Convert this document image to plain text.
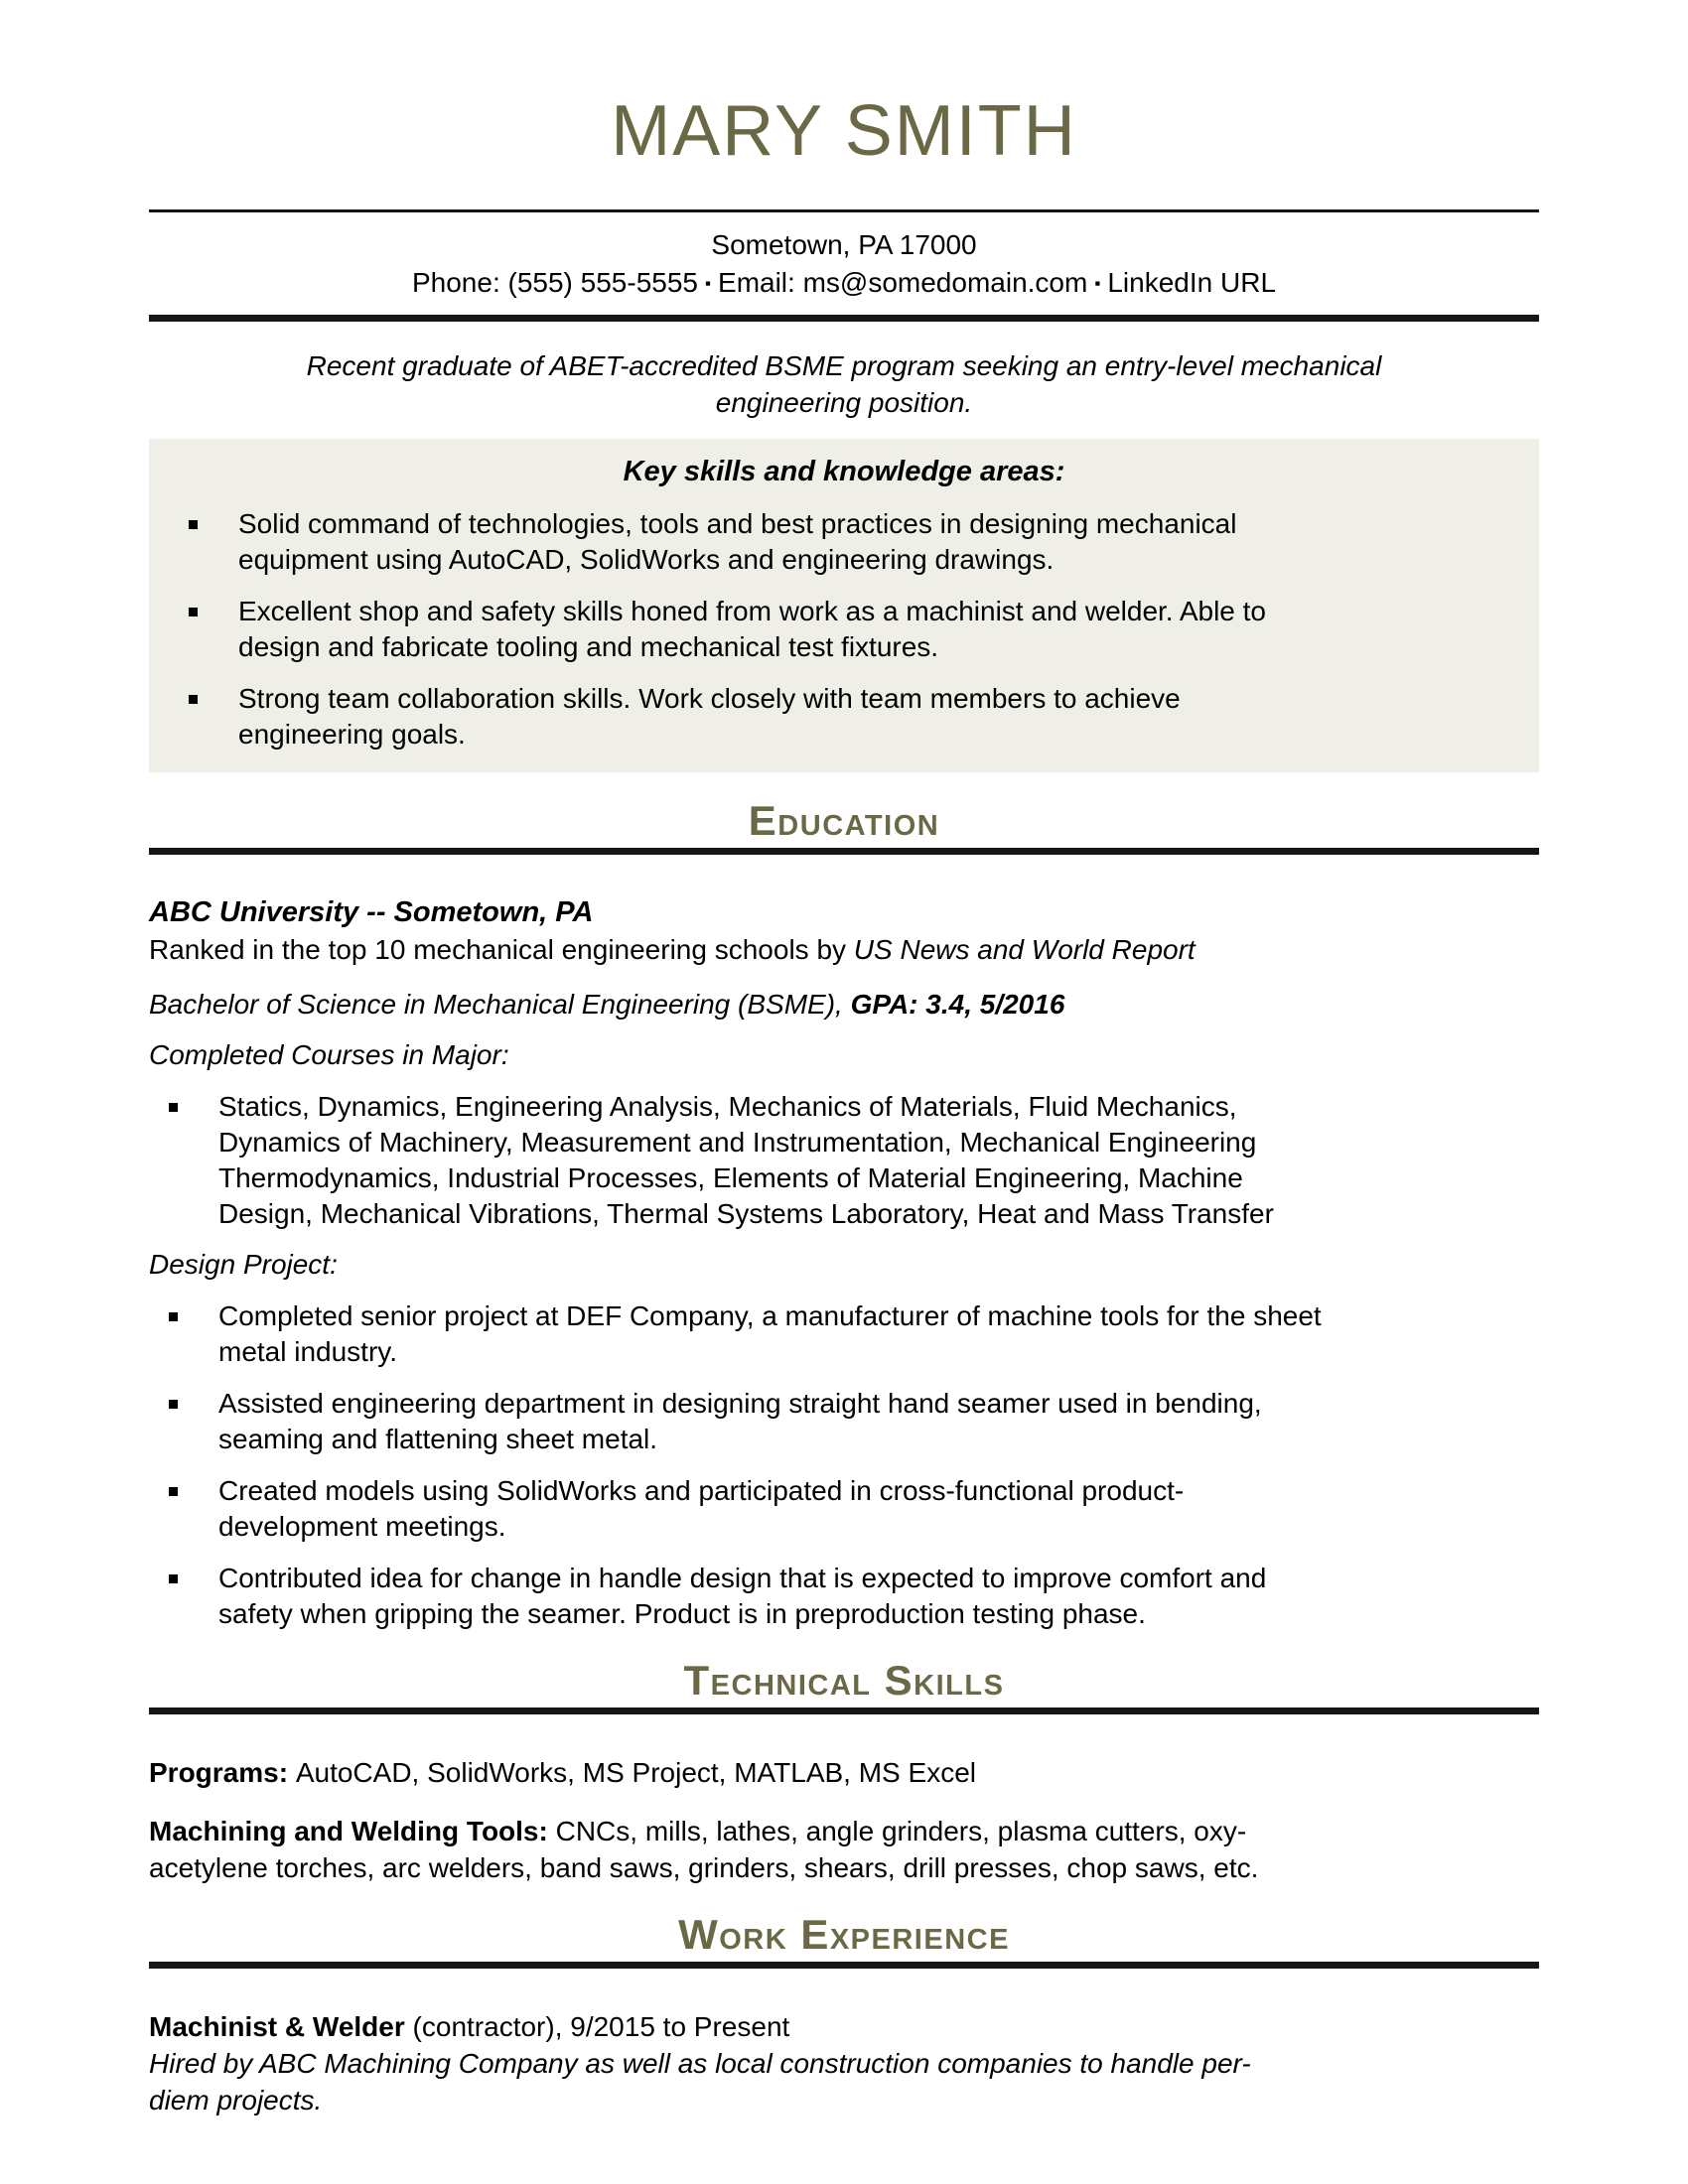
MARY SMITH
Sometown, PA 17000
Phone: (555) 555-5555 ▪ Email: ms@somedomain.com ▪ LinkedIn URL

Recent graduate of ABET-accredited BSME program seeking an entry-level mechanical engineering position.

Key skills and knowledge areas:
Solid command of technologies, tools and best practices in designing mechanical equipment using AutoCAD, SolidWorks and engineering drawings.
Excellent shop and safety skills honed from work as a machinist and welder. Able to design and fabricate tooling and mechanical test fixtures.
Strong team collaboration skills. Work closely with team members to achieve engineering goals.
Education

ABC University -- Sometown, PA

Ranked in the top 10 mechanical engineering schools by US News and World Report

Bachelor of Science in Mechanical Engineering (BSME), GPA: 3.4, 5/2016

Completed Courses in Major:

Statics, Dynamics, Engineering Analysis, Mechanics of Materials, Fluid Mechanics, Dynamics of Machinery, Measurement and Instrumentation, Mechanical Engineering Thermodynamics, Industrial Processes, Elements of Material Engineering, Machine Design, Mechanical Vibrations, Thermal Systems Laboratory, Heat and Mass Transfer

Design Project:

Completed senior project at DEF Company, a manufacturer of machine tools for the sheet metal industry.
Assisted engineering department in designing straight hand seamer used in bending, seaming and flattening sheet metal.
Created models using SolidWorks and participated in cross-functional product-development meetings.
Contributed idea for change in handle design that is expected to improve comfort and safety when gripping the seamer. Product is in preproduction testing phase.
Technical Skills

Programs: AutoCAD, SolidWorks, MS Project, MATLAB, MS Excel

Machining and Welding Tools: CNCs, mills, lathes, angle grinders, plasma cutters, oxy-acetylene torches, arc welders, band saws, grinders, shears, drill presses, chop saws, etc.

Work Experience

Machinist & Welder (contractor), 9/2015 to Present

Hired by ABC Machining Company as well as local construction companies to handle per-diem projects.
